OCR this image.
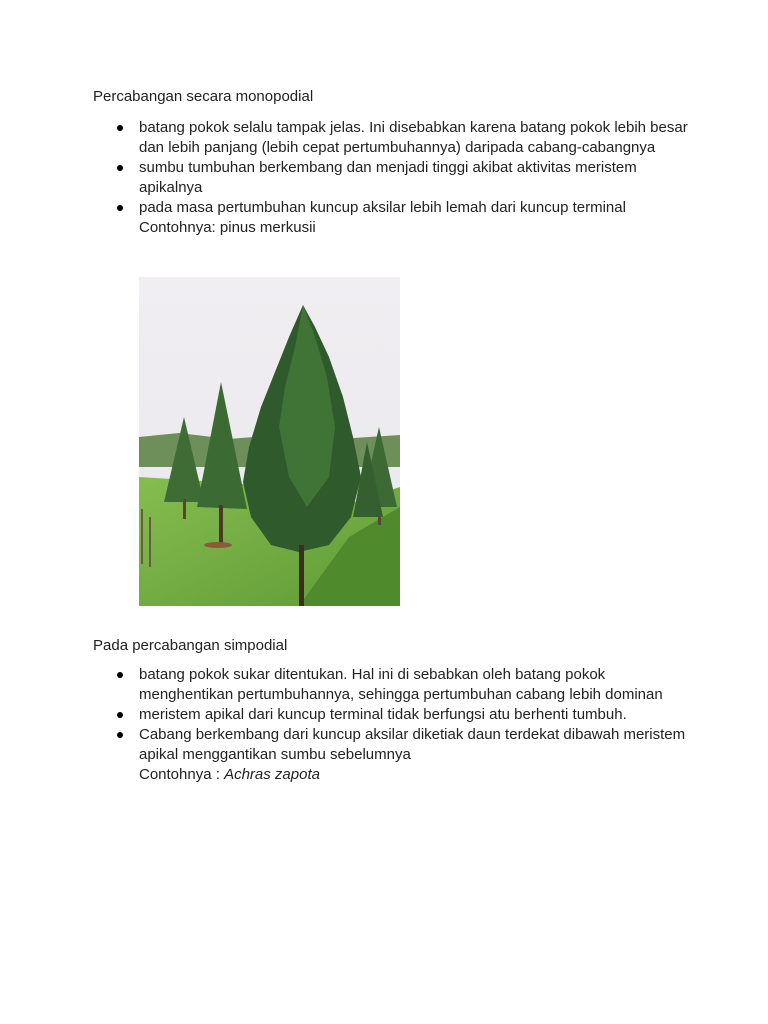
Percabangan secara monopodial
batang pokok selalu tampak jelas. Ini disebabkan karena batang pokok lebih besar dan lebih panjang (lebih cepat pertumbuhannya) daripada cabang-cabangnya
sumbu tumbuhan berkembang dan menjadi tinggi akibat aktivitas meristem apikalnya
pada masa pertumbuhan kuncup aksilar lebih lemah dari kuncup terminal
Contohnya: pinus merkusii
Pada percabangan simpodial
batang pokok sukar ditentukan. Hal ini di sebabkan oleh batang pokok menghentikan pertumbuhannya, sehingga pertumbuhan cabang lebih dominan
meristem apikal dari kuncup terminal tidak berfungsi atu berhenti tumbuh.
Cabang berkembang dari kuncup aksilar diketiak daun terdekat dibawah meristem apikal menggantikan sumbu sebelumnya
Contohnya : Achras zapota
